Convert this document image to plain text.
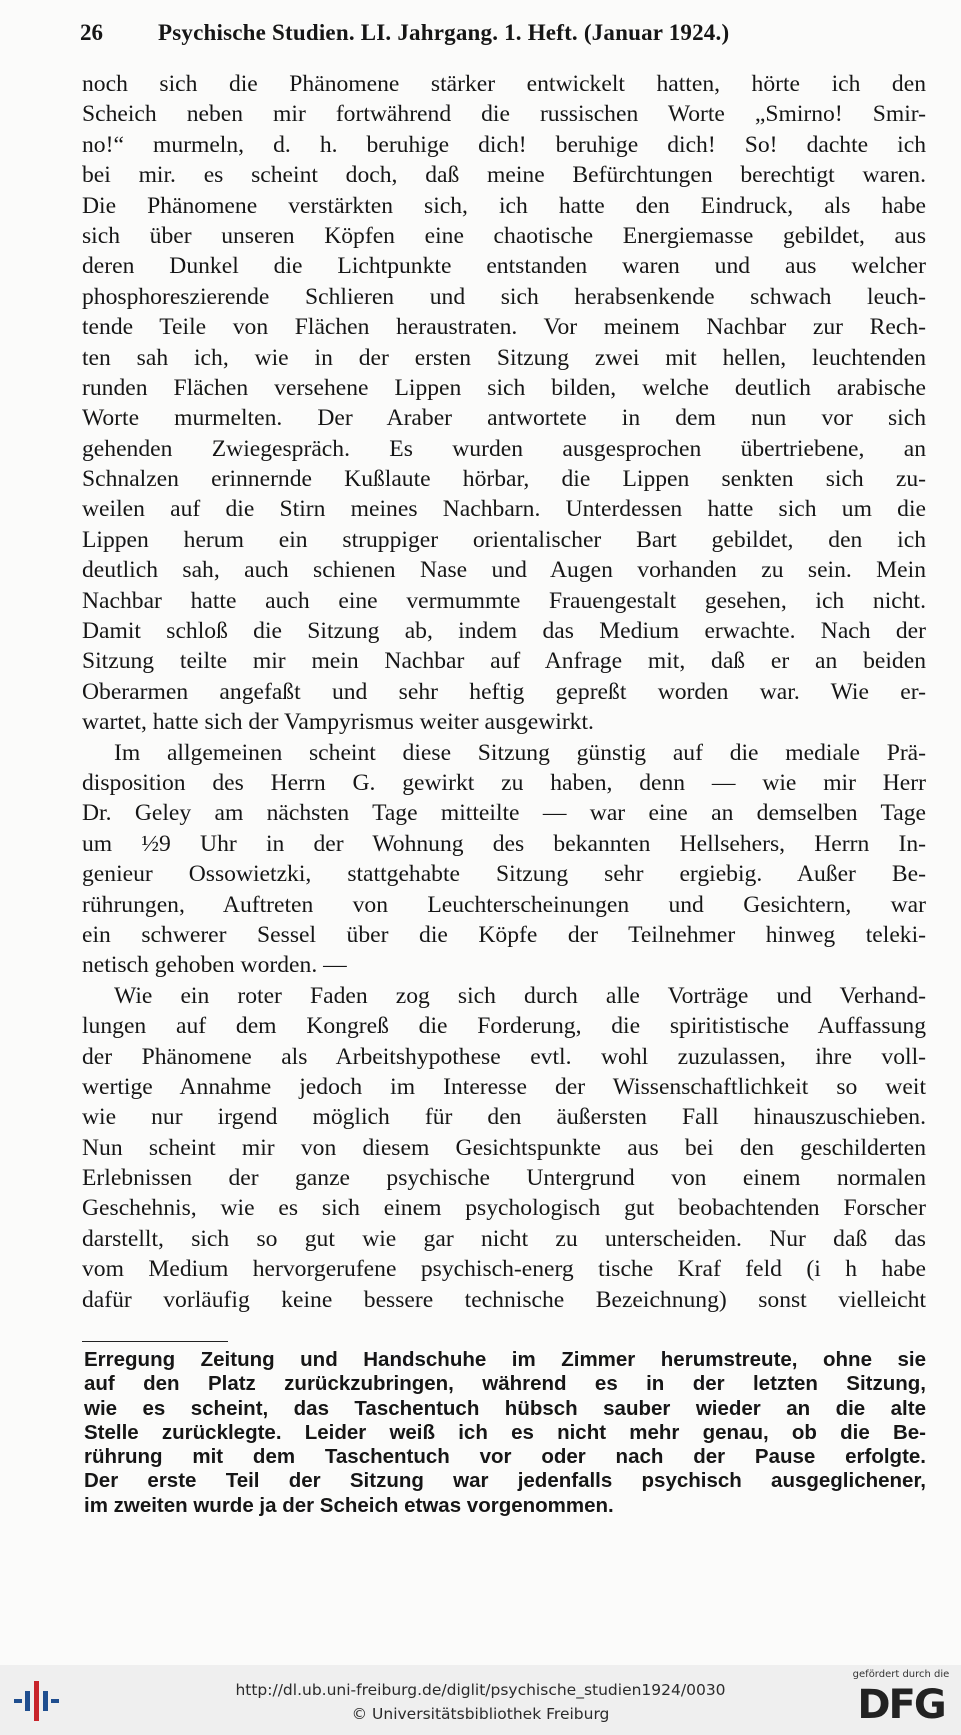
26 Psychische Studien. LI. Jahrgang. 1. Heft. (Januar 1924.)
noch sich die Phänomene stärker entwickelt hatten, hörte ich den
Scheich neben mir fortwährend die russischen Worte „Smirno! Smir-
no!“ murmeln, d. h. beruhige dich! beruhige dich! So! dachte ich
bei mir. es scheint doch, daß meine Befürchtungen berechtigt waren.
Die Phänomene verstärkten sich, ich hatte den Eindruck, als habe
sich über unseren Köpfen eine chaotische Energiemasse gebildet, aus
deren Dunkel die Lichtpunkte entstanden waren und aus welcher
phosphoreszierende Schlieren und sich herabsenkende schwach leuch-
tende Teile von Flächen heraustraten. Vor meinem Nachbar zur Rech-
ten sah ich, wie in der ersten Sitzung zwei mit hellen, leuchtenden
runden Flächen versehene Lippen sich bilden, welche deutlich arabische
Worte murmelten. Der Araber antwortete in dem nun vor sich
gehenden Zwiegespräch. Es wurden ausgesprochen übertriebene, an
Schnalzen erinnernde Kußlaute hörbar, die Lippen senkten sich zu-
weilen auf die Stirn meines Nachbarn. Unterdessen hatte sich um die
Lippen herum ein struppiger orientalischer Bart gebildet, den ich
deutlich sah, auch schienen Nase und Augen vorhanden zu sein. Mein
Nachbar hatte auch eine vermummte Frauengestalt gesehen, ich nicht.
Damit schloß die Sitzung ab, indem das Medium erwachte. Nach der
Sitzung teilte mir mein Nachbar auf Anfrage mit, daß er an beiden
Oberarmen angefaßt und sehr heftig gepreßt worden war. Wie er-
wartet, hatte sich der Vampyrismus weiter ausgewirkt.
Im allgemeinen scheint diese Sitzung günstig auf die mediale Prä-
disposition des Herrn G. gewirkt zu haben, denn — wie mir Herr
Dr. Geley am nächsten Tage mitteilte — war eine an demselben Tage
um ½9 Uhr in der Wohnung des bekannten Hellsehers, Herrn In-
genieur Ossowietzki, stattgehabte Sitzung sehr ergiebig. Außer Be-
rührungen, Auftreten von Leuchterscheinungen und Gesichtern, war
ein schwerer Sessel über die Köpfe der Teilnehmer hinweg teleki-
netisch gehoben worden. —
Wie ein roter Faden zog sich durch alle Vorträge und Verhand-
lungen auf dem Kongreß die Forderung, die spiritistische Auffassung
der Phänomene als Arbeitshypothese evtl. wohl zuzulassen, ihre voll-
wertige Annahme jedoch im Interesse der Wissenschaftlichkeit so weit
wie nur irgend möglich für den äußersten Fall hinauszuschieben.
Nun scheint mir von diesem Gesichtspunkte aus bei den geschilderten
Erlebnissen der ganze psychische Untergrund von einem normalen
Geschehnis, wie es sich einem psychologisch gut beobachtenden Forscher
darstellt, sich so gut wie gar nicht zu unterscheiden. Nur daß das
vom Medium hervorgerufene psychisch-energ tische Kraf feld (i h habe
dafür vorläufig keine bessere technische Bezeichnung) sonst vielleicht
Erregung Zeitung und Handschuhe im Zimmer herumstreute, ohne sie
auf den Platz zurückzubringen, während es in der letzten Sitzung,
wie es scheint, das Taschentuch hübsch sauber wieder an die alte
Stelle zurücklegte. Leider weiß ich es nicht mehr genau, ob die Be-
rührung mit dem Taschentuch vor oder nach der Pause erfolgte.
Der erste Teil der Sitzung war jedenfalls psychisch ausgeglichener,
im zweiten wurde ja der Scheich etwas vorgenommen.
http://dl.ub.uni-freiburg.de/diglit/psychische_studien1924/0030
© Universitätsbibliothek Freiburg
gefördert durch die
DFG
